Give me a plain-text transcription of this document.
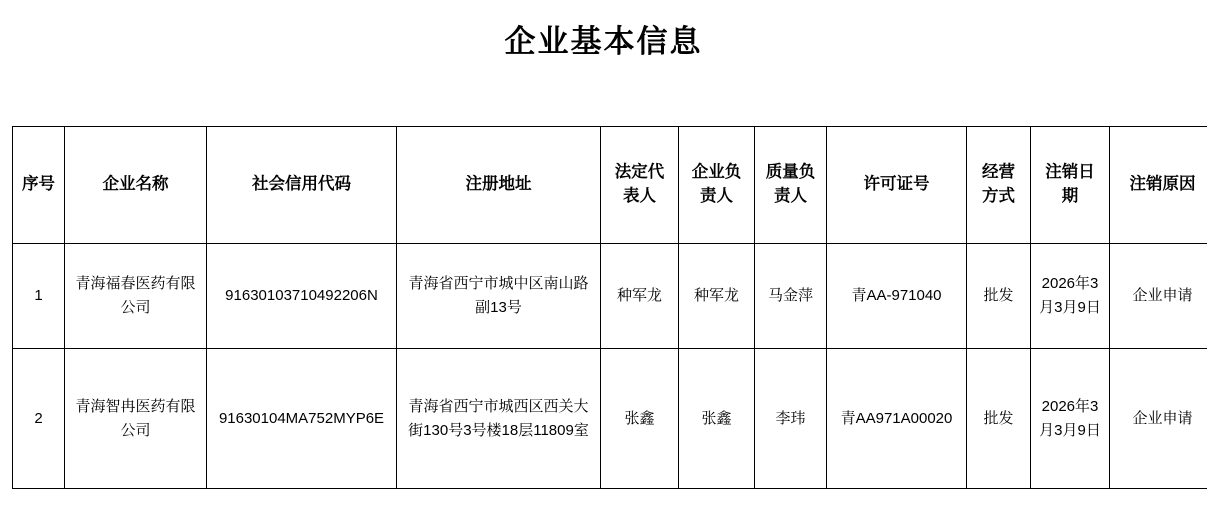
企业基本信息
序号	企业名称	社会信用代码	注册地址	法定代表人	企业负责人	质量负责人	许可证号	经营方式	注销日期	注销原因
1	青海福春医药有限公司	91630103710492206N	青海省西宁市城中区南山路副13号	种军龙	种军龙	马金萍	青AA-971040	批发	2026年3月3月9日	企业申请
2	青海智冉医药有限公司	91630104MA752MYP6E	青海省西宁市城西区西关大街130号3号楼18层11809室	张鑫	张鑫	李玮	青AA971A00020	批发	2026年3月3月9日	企业申请
